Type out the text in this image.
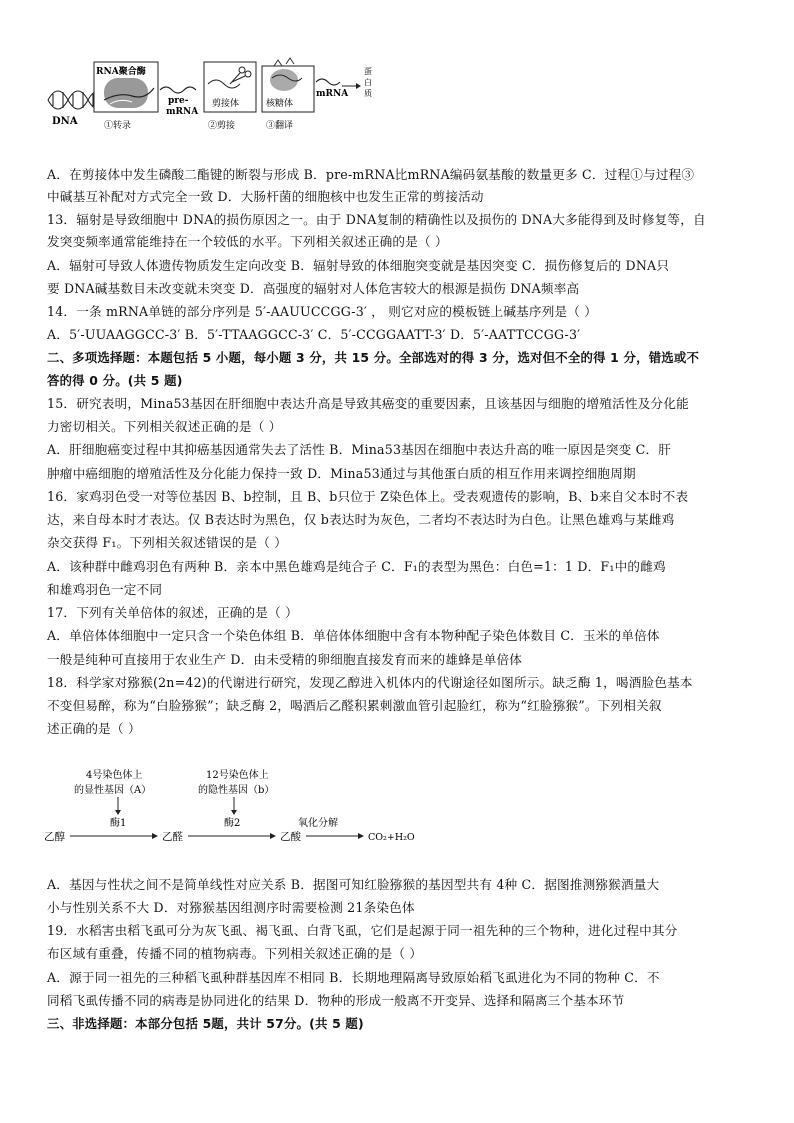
DNA
RNA聚合酶
①转录
pre-
mRNA
剪接体
②剪接
核糖体
③翻译
mRNA
蛋白质
蛋白质
A．在剪接体中发生磷酸二酯键的断裂与形成 B．pre-mRNA比mRNA编码氨基酸的数量更多 C．过程①与过程③
中碱基互补配对方式完全一致 D．大肠杆菌的细胞核中也发生正常的剪接活动
13．辐射是导致细胞中 DNA的损伤原因之一。由于 DNA复制的精确性以及损伤的 DNA大多能得到及时修复等，自
发突变频率通常能维持在一个较低的水平。下列相关叙述正确的是（ ）
A．辐射可导致人体遗传物质发生定向改变 B．辐射导致的体细胞突变就是基因突变 C．损伤修复后的 DNA只
要 DNA碱基数目未改变就未突变 D．高强度的辐射对人体危害较大的根源是损伤 DNA频率高
14．一条 mRNA单链的部分序列是 5′-AAUUCCGG-3′ ， 则它对应的模板链上碱基序列是（ ）
A．5′-UUAAGGCC-3′ B．5′-TTAAGGCC-3′ C．5′-CCGGAATT-3′ D．5′-AATTCCGG-3′
二、多项选择题：本题包括 5 小题，每小题 3 分，共 15 分。全部选对的得 3 分，选对但不全的得 1 分，错选或不
答的得 0 分。(共 5 题)
15．研究表明，Mina53基因在肝细胞中表达升高是导致其癌变的重要因素，且该基因与细胞的增殖活性及分化能
力密切相关。下列相关叙述正确的是（ ）
A．肝细胞癌变过程中其抑癌基因通常失去了活性 B．Mina53基因在细胞中表达升高的唯一原因是突变 C．肝
肿瘤中癌细胞的增殖活性及分化能力保持一致 D．Mina53通过与其他蛋白质的相互作用来调控细胞周期
16．家鸡羽色受一对等位基因 B、b控制，且 B、b只位于 Z染色体上。受表观遗传的影响，B、b来自父本时不表
达，来自母本时才表达。仅 B表达时为黑色，仅 b表达时为灰色，二者均不表达时为白色。让黑色雄鸡与某雌鸡
杂交获得 F₁。下列相关叙述错误的是（ ）
A．该种群中雌鸡羽色有两种 B．亲本中黑色雄鸡是纯合子 C．F₁的表型为黑色：白色=1：1 D．F₁中的雌鸡
和雄鸡羽色一定不同
17．下列有关单倍体的叙述，正确的是（ ）
A．单倍体体细胞中一定只含一个染色体组 B．单倍体体细胞中含有本物种配子染色体数目 C．玉米的单倍体
一般是纯种可直接用于农业生产 D．由未受精的卵细胞直接发育而来的雄蜂是单倍体
18．科学家对猕猴(2n=42)的代谢进行研究，发现乙醇进入机体内的代谢途径如图所示。缺乏酶 1，喝酒脸色基本
不变但易醉，称为“白脸猕猴”；缺乏酶 2，喝酒后乙醛积累刺激血管引起脸红，称为“红脸猕猴”。下列相关叙
述正确的是（ ）
4号染色体上
的显性基因（A）
12号染色体上
的隐性基因（b）
酶1	酶2	氧化分解
乙醇	乙醛	乙酸	CO₂+H₂O
A．基因与性状之间不是简单线性对应关系 B．据图可知红脸猕猴的基因型共有 4种 C．据图推测猕猴酒量大
小与性别关系不大 D．对猕猴基因组测序时需要检测 21条染色体
19．水稻害虫稻飞虱可分为灰飞虱、褐飞虱、白背飞虱，它们是起源于同一祖先种的三个物种，进化过程中其分
布区域有重叠，传播不同的植物病毒。下列相关叙述正确的是（ ）
A．源于同一祖先的三种稻飞虱种群基因库不相同 B．长期地理隔离导致原始稻飞虱进化为不同的物种 C．不
同稻飞虱传播不同的病毒是协同进化的结果 D．物种的形成一般离不开变异、选择和隔离三个基本环节
三、非选择题：本部分包括 5题，共计 57分。(共 5 题)
